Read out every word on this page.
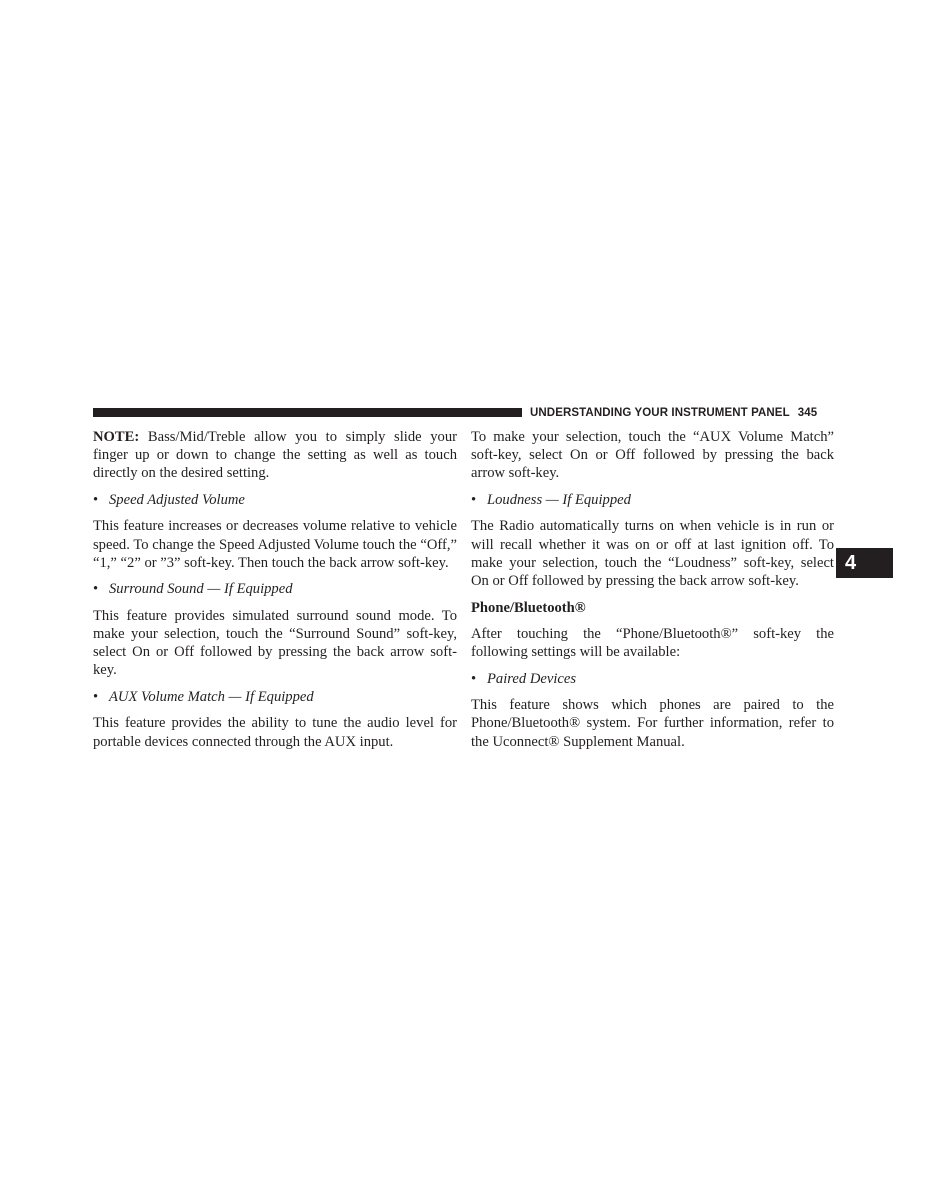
UNDERSTANDING YOUR INSTRUMENT PANEL 345

NOTE: Bass/Mid/Treble allow you to simply slide your finger up or down to change the setting as well as touch directly on the desired setting.

• Speed Adjusted Volume

This feature increases or decreases volume relative to vehicle speed. To change the Speed Adjusted Volume touch the “Off,” “1,” “2” or ”3” soft-key. Then touch the back arrow soft-key.

• Surround Sound — If Equipped

This feature provides simulated surround sound mode. To make your selection, touch the “Surround Sound” soft-key, select On or Off followed by pressing the back arrow soft-key.

• AUX Volume Match — If Equipped

This feature provides the ability to tune the audio level for portable devices connected through the AUX input.

To make your selection, touch the “AUX Volume Match” soft-key, select On or Off followed by pressing the back arrow soft-key.

• Loudness — If Equipped

The Radio automatically turns on when vehicle is in run or will recall whether it was on or off at last ignition off. To make your selection, touch the “Loudness” soft-key, select On or Off followed by pressing the back arrow soft-key.

Phone/Bluetooth®

After touching the “Phone/Bluetooth®” soft-key the following settings will be available:

• Paired Devices

This feature shows which phones are paired to the Phone/Bluetooth® system. For further information, refer to the Uconnect® Supplement Manual.

4
